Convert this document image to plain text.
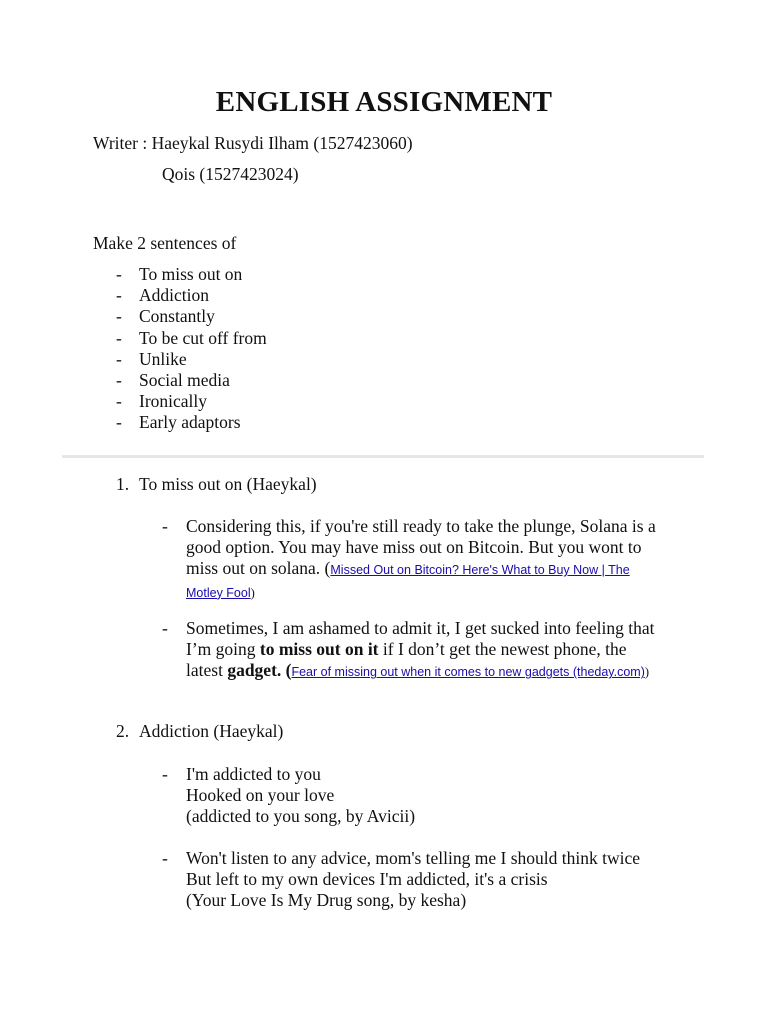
ENGLISH ASSIGNMENT
Writer : Haeykal Rusydi Ilham (1527423060)
Qois (1527423024)
Make 2 sentences of
- To miss out on
- Addiction
- Constantly
- To be cut off from
- Unlike
- Social media
- Ironically
- Early adaptors
1. To miss out on (Haeykal)
- Considering this, if you're still ready to take the plunge, Solana is a
good option. You may have miss out on Bitcoin. But you wont to
miss out on solana. (Missed Out on Bitcoin? Here's What to Buy Now | The
Motley Fool)
- Sometimes, I am ashamed to admit it, I get sucked into feeling that
I’m going to miss out on it if I don’t get the newest phone, the
latest gadget. (Fear of missing out when it comes to new gadgets (theday.com))
2. Addiction (Haeykal)
- I'm addicted to you
Hooked on your love
(addicted to you song, by Avicii)
- Won't listen to any advice, mom's telling me I should think twice
But left to my own devices I'm addicted, it's a crisis
(Your Love Is My Drug song, by kesha)
